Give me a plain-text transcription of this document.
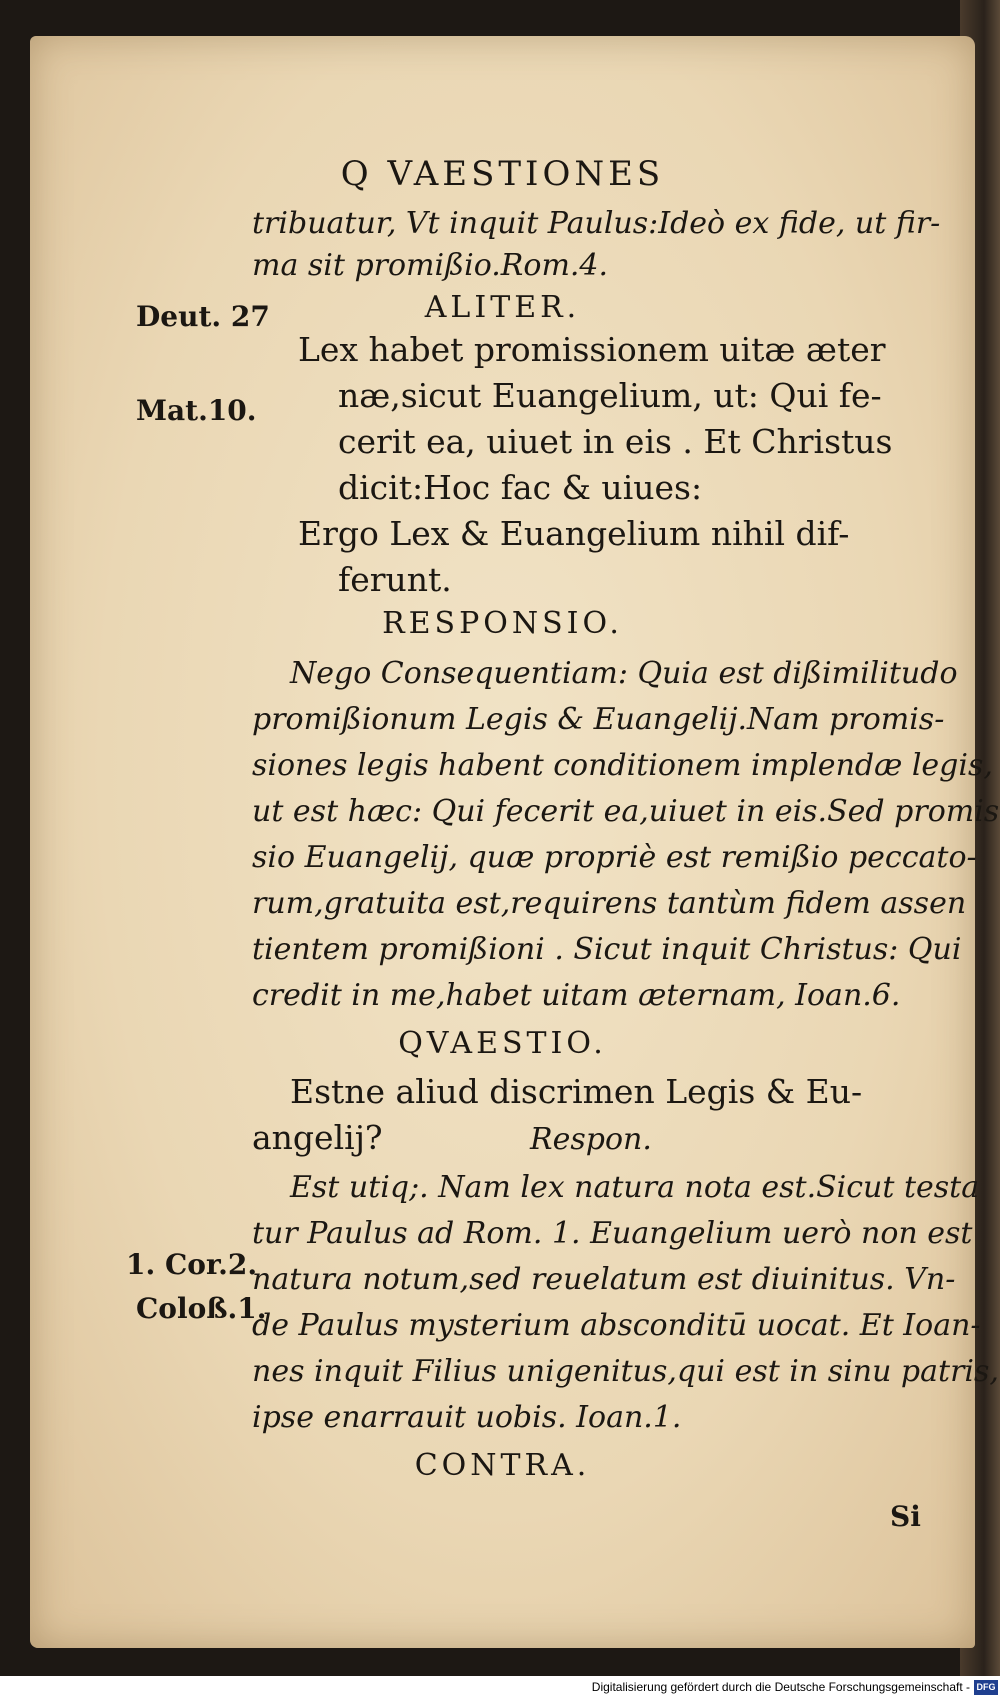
Q VAESTIONES
tribuatur, Vt inquit Paulus:Ideò ex fide, ut fir-
ma sit promißio.Rom.4.
ALITER.
Deut. 27
Mat.10.
Lex habet promissionem uitæ æter
næ,sicut Euangelium, ut: Qui fe-
cerit ea, uiuet in eis . Et Christus
dicit:Hoc fac & uiues:
Ergo Lex & Euangelium nihil dif-
ferunt.
RESPONSIO.
Nego Consequentiam: Quia est dißimilitudo
promißionum Legis & Euangelij.Nam promis-
siones legis habent conditionem implendæ legis,
ut est hæc: Qui fecerit ea,uiuet in eis.Sed promis
sio Euangelij, quæ propriè est remißio peccato-
rum,gratuita est,requirens tantùm fidem assen
tientem promißioni . Sicut inquit Christus: Qui
credit in me,habet uitam æternam, Ioan.6.
QVAESTIO.
Estne aliud discrimen Legis & Eu-
angelij?	Respon.
1. Cor.2.
Coloß.1.
Est utiq;. Nam lex natura nota est.Sicut testa
tur Paulus ad Rom. 1. Euangelium uerò non est
natura notum,sed reuelatum est diuinitus. Vn-
de Paulus mysterium absconditū uocat. Et Ioan-
nes inquit Filius unigenitus,qui est in sinu patris,
ipse enarrauit uobis. Ioan.1.
CONTRA.
Si
Digitalisierung gefördert durch die Deutsche Forschungsgemeinschaft - DFG
